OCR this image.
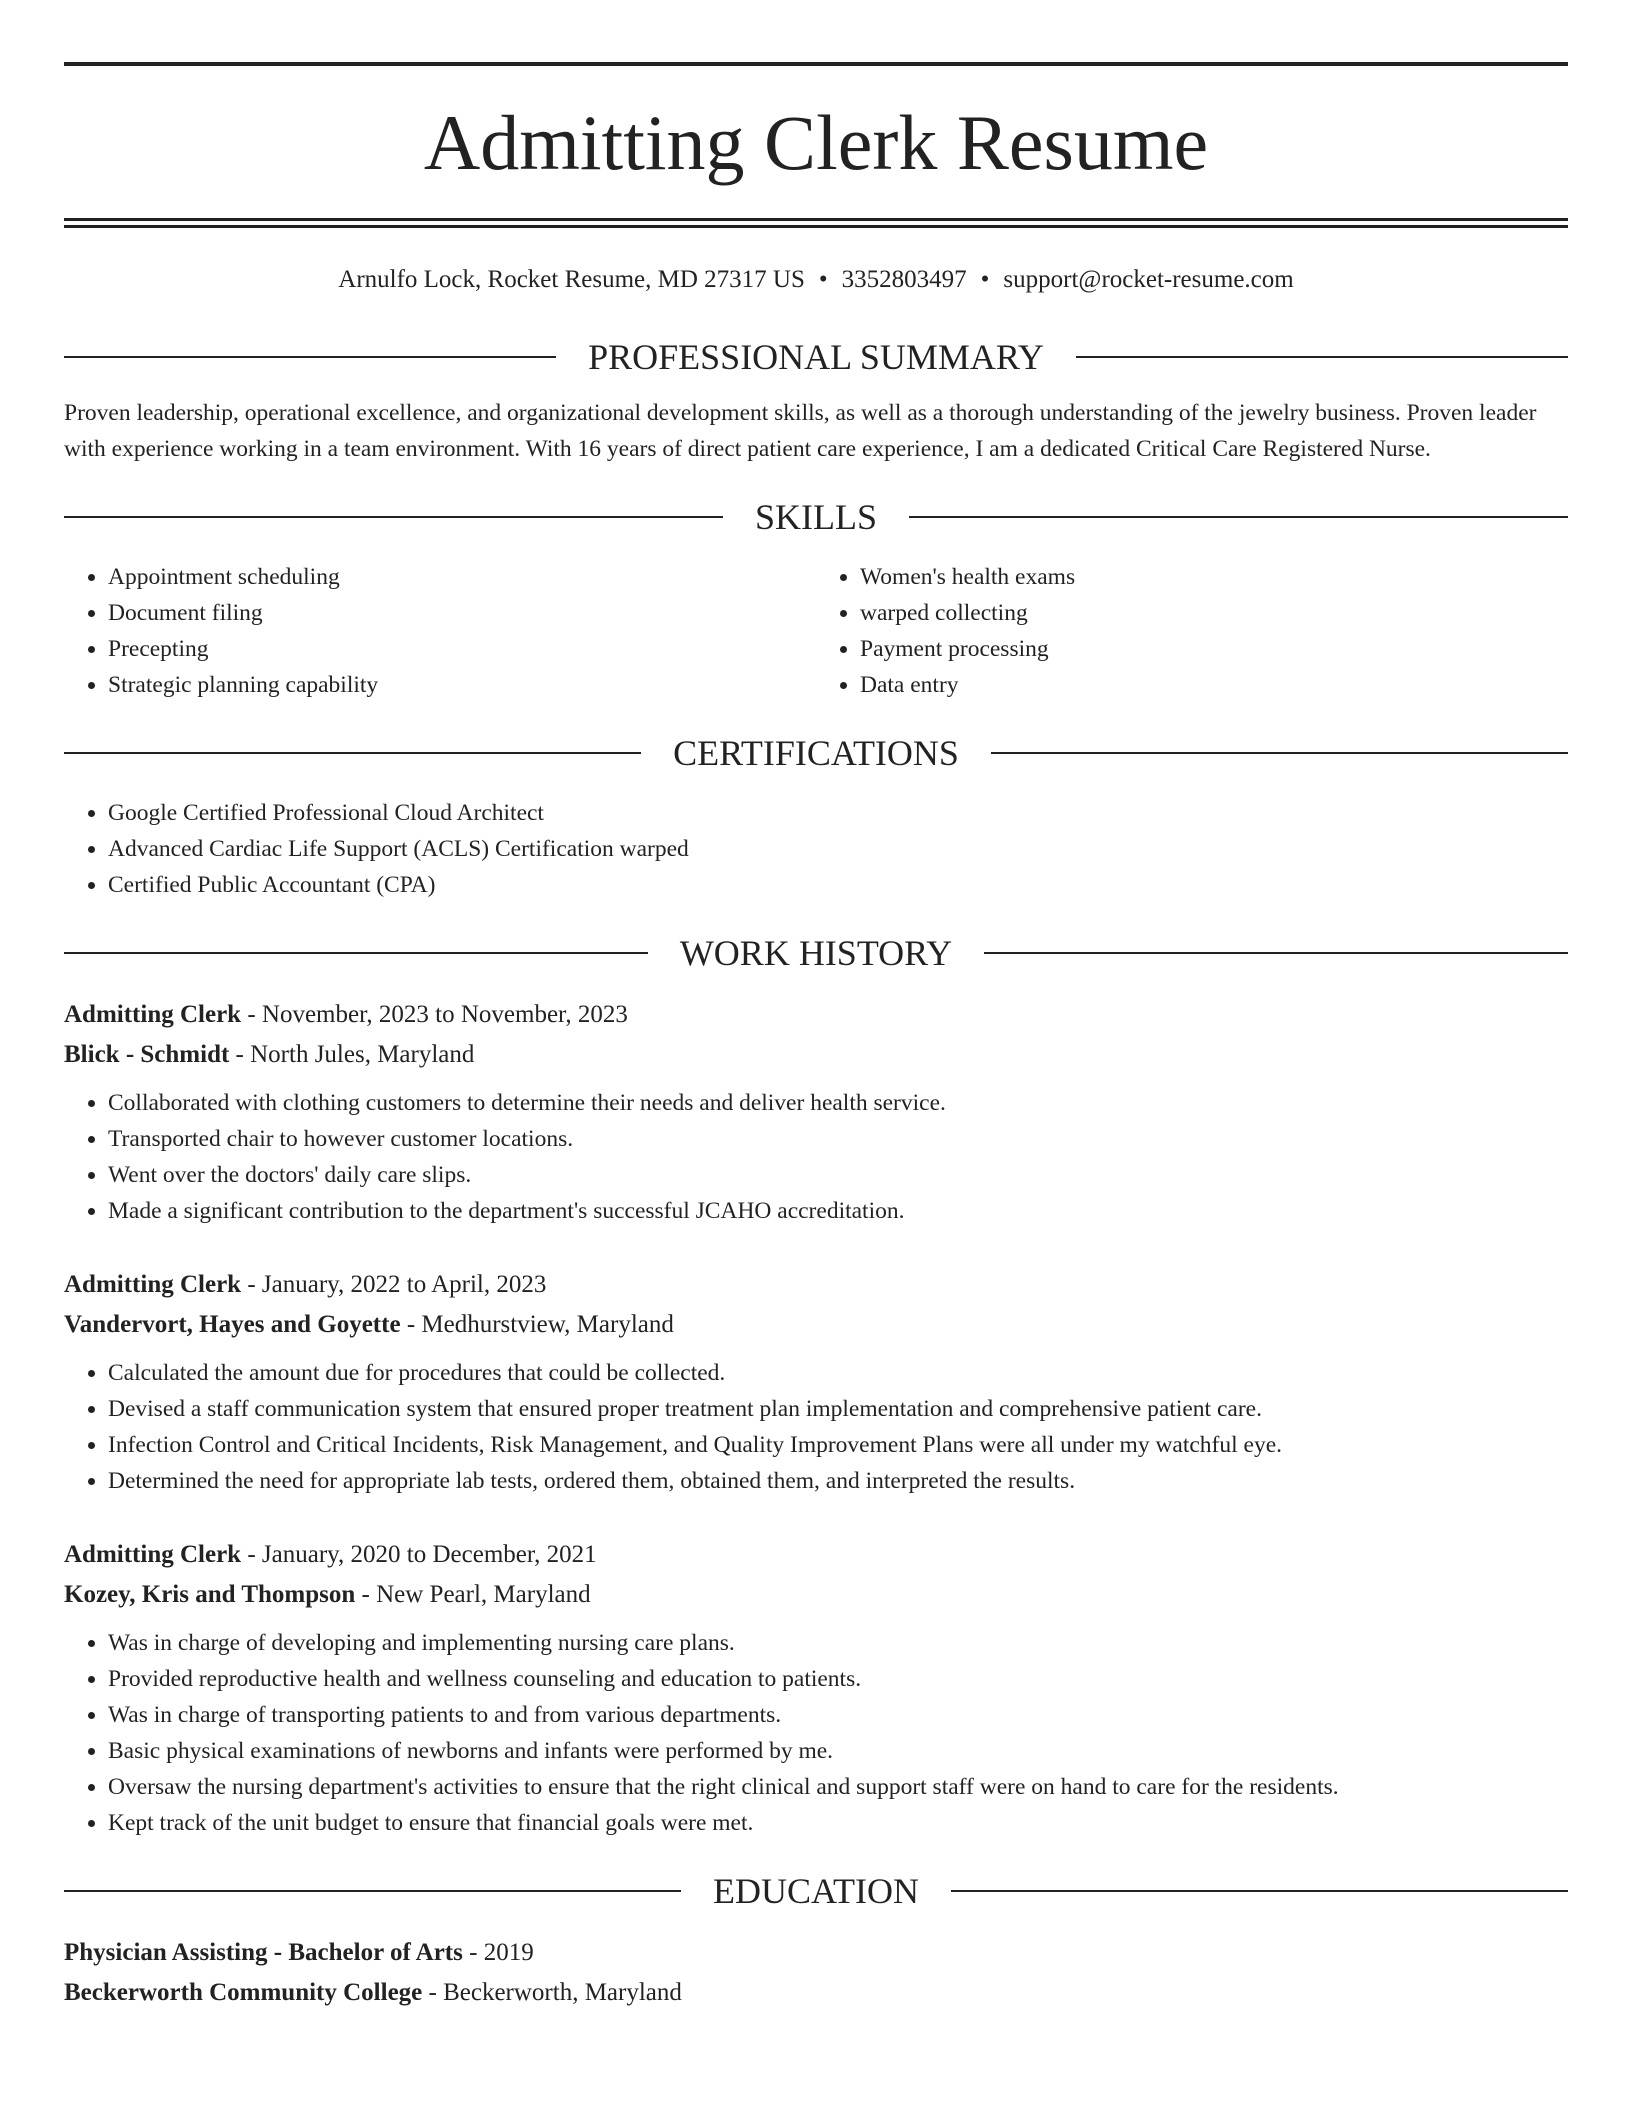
Admitting Clerk Resume
Arnulfo Lock, Rocket Resume, MD 27317 US • 3352803497 • support@rocket-resume.com
PROFESSIONAL SUMMARY
Proven leadership, operational excellence, and organizational development skills, as well as a thorough understanding of the jewelry business. Proven leader with experience working in a team environment. With 16 years of direct patient care experience, I am a dedicated Critical Care Registered Nurse.
SKILLS
• Appointment scheduling
• Document filing
• Precepting
• Strategic planning capability
• Women's health exams
• warped collecting
• Payment processing
• Data entry
CERTIFICATIONS
• Google Certified Professional Cloud Architect
• Advanced Cardiac Life Support (ACLS) Certification warped
• Certified Public Accountant (CPA)
WORK HISTORY
Admitting Clerk - November, 2023 to November, 2023
Blick - Schmidt - North Jules, Maryland
• Collaborated with clothing customers to determine their needs and deliver health service.
• Transported chair to however customer locations.
• Went over the doctors' daily care slips.
• Made a significant contribution to the department's successful JCAHO accreditation.
Admitting Clerk - January, 2022 to April, 2023
Vandervort, Hayes and Goyette - Medhurstview, Maryland
• Calculated the amount due for procedures that could be collected.
• Devised a staff communication system that ensured proper treatment plan implementation and comprehensive patient care.
• Infection Control and Critical Incidents, Risk Management, and Quality Improvement Plans were all under my watchful eye.
• Determined the need for appropriate lab tests, ordered them, obtained them, and interpreted the results.
Admitting Clerk - January, 2020 to December, 2021
Kozey, Kris and Thompson - New Pearl, Maryland
• Was in charge of developing and implementing nursing care plans.
• Provided reproductive health and wellness counseling and education to patients.
• Was in charge of transporting patients to and from various departments.
• Basic physical examinations of newborns and infants were performed by me.
• Oversaw the nursing department's activities to ensure that the right clinical and support staff were on hand to care for the residents.
• Kept track of the unit budget to ensure that financial goals were met.
EDUCATION
Physician Assisting - Bachelor of Arts - 2019
Beckerworth Community College - Beckerworth, Maryland
